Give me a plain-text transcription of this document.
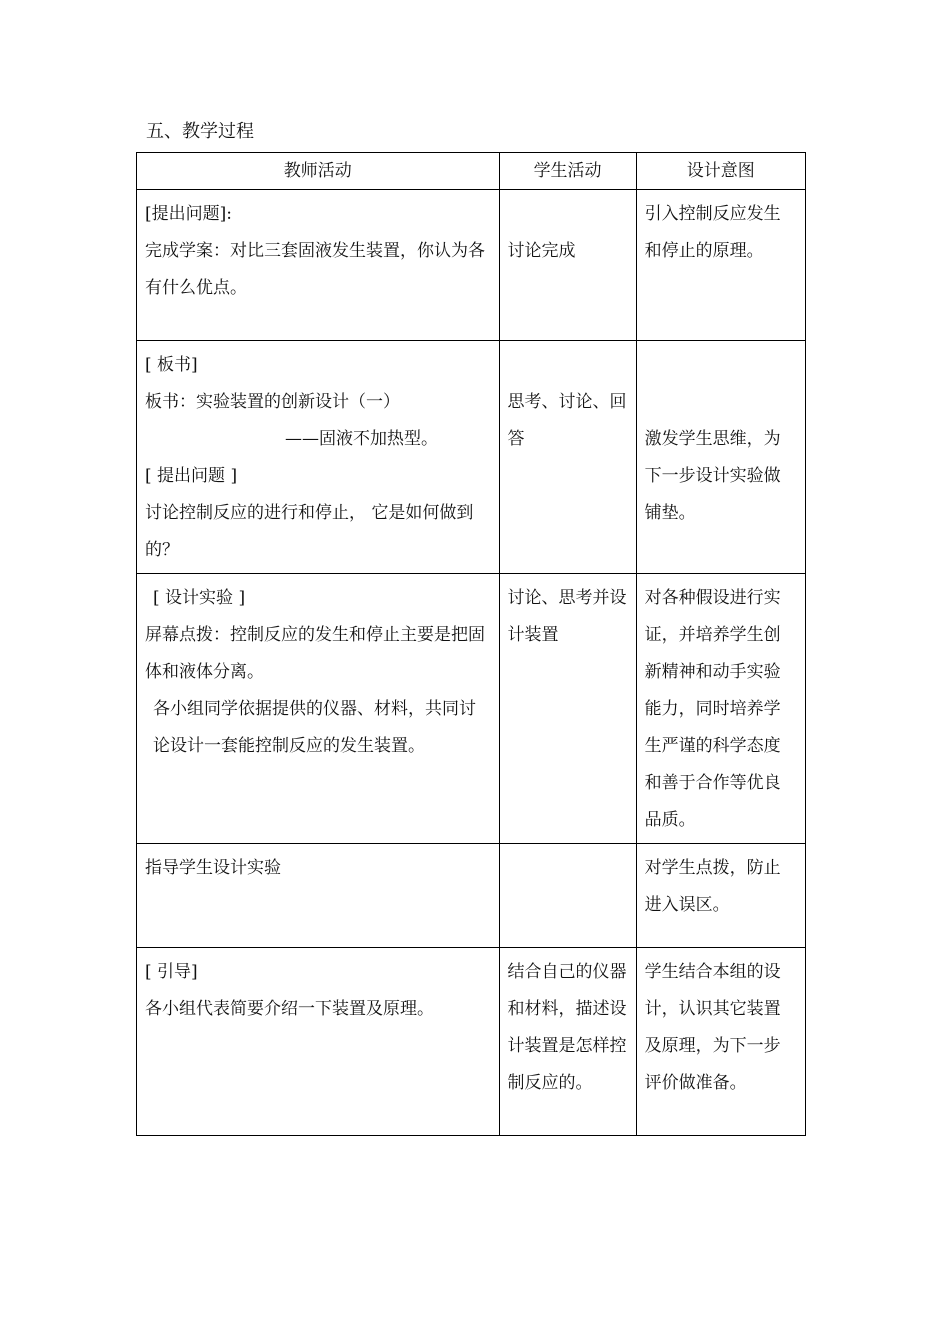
五、教学过程
教师活动	学生活动	设计意图

[提出问题]:
完成学案：对比三套固液发生装置，你认为各有什么优点。	讨论完成	引入控制反应发生和停止的原理。

[ 板书]
板书：实验装置的创新设计（一）
——固液不加热型。
[ 提出问题 ]
讨论控制反应的进行和停止， 它是如何做到的？	思考、讨论、回答	激发学生思维，为下一步设计实验做铺垫。

[ 设计实验 ]
屏幕点拨：控制反应的发生和停止主要是把固体和液体分离。
各小组同学依据提供的仪器、材料，共同讨论设计一套能控制反应的发生装置。	讨论、思考并设计装置	对各种假设进行实证，并培养学生创新精神和动手实验能力，同时培养学生严谨的科学态度和善于合作等优良品质。

指导学生设计实验		对学生点拨，防止进入误区。

[ 引导]
各小组代表简要介绍一下装置及原理。	结合自己的仪器和材料，描述设计装置是怎样控制反应的。	学生结合本组的设计，认识其它装置及原理，为下一步评价做准备。
